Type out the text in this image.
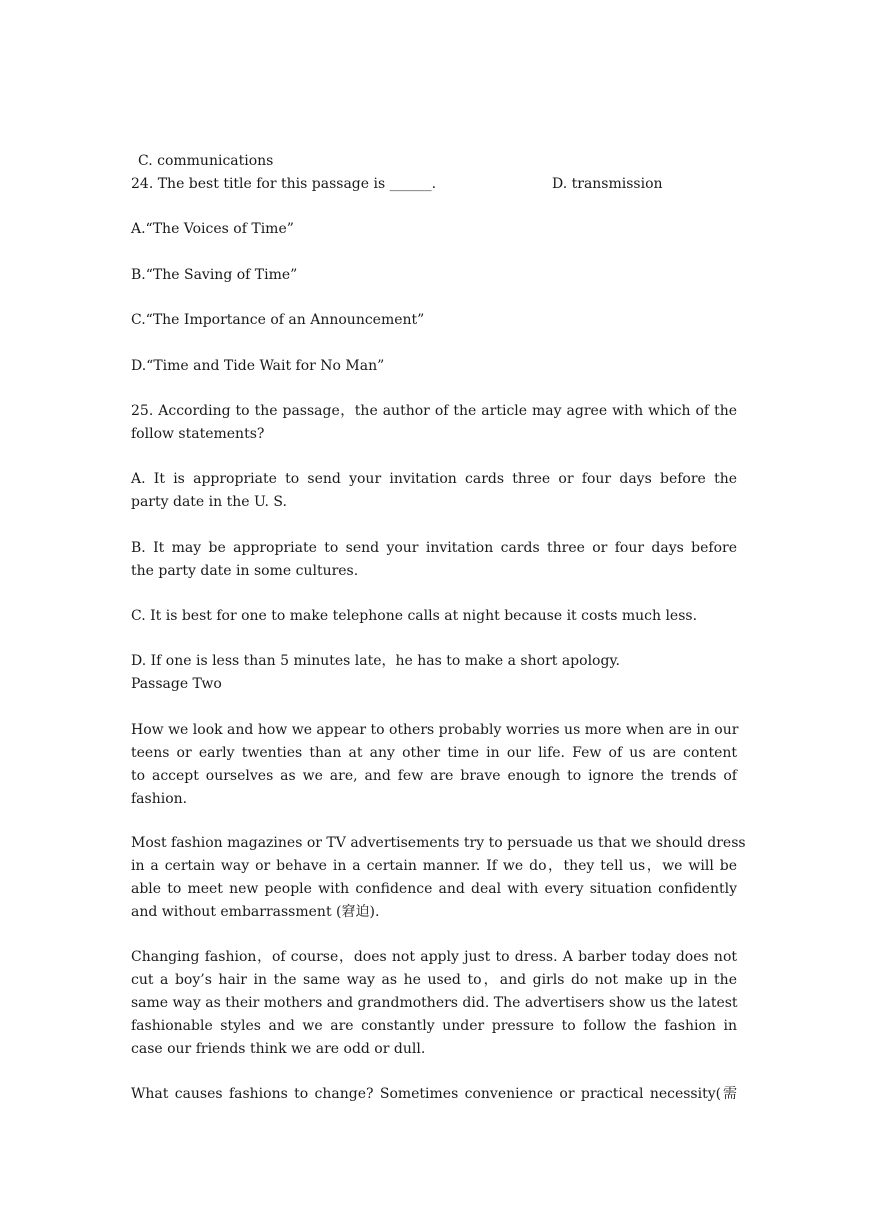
C. communications

D. transmission

24. The best title for this passage is ______.
A.“The Voices of Time”
B.“The Saving of Time”
C.“The Importance of an Announcement”
D.“Time and Tide Wait for No Man”
25. According to the passage，the author of the article may agree with which of the
follow statements?
A. It is appropriate to send your invitation cards three or four days before the
party date in the U. S.
B. It may be appropriate to send your invitation cards three or four days before
the party date in some cultures.
C. It is best for one to make telephone calls at night because it costs much less.
D. If one is less than 5 minutes late，he has to make a short apology.
Passage Two
How we look and how we appear to others probably worries us more when are in our
teens or early twenties than at any other time in our life. Few of us are content
to accept ourselves as we are, and few are brave enough to ignore the trends of
fashion.
Most fashion magazines or TV advertisements try to persuade us that we should dress
in a certain way or behave in a certain manner. If we do，they tell us，we will be
able to meet new people with confidence and deal with every situation confidently
and without embarrassment (窘迫).
Changing fashion，of course，does not apply just to dress. A barber today does not
cut a boy’s hair in the same way as he used to，and girls do not make up in the
same way as their mothers and grandmothers did. The advertisers show us the latest
fashionable styles and we are constantly under pressure to follow the fashion in
case our friends think we are odd or dull.
What causes fashions to change? Sometimes convenience or practical necessity(需
